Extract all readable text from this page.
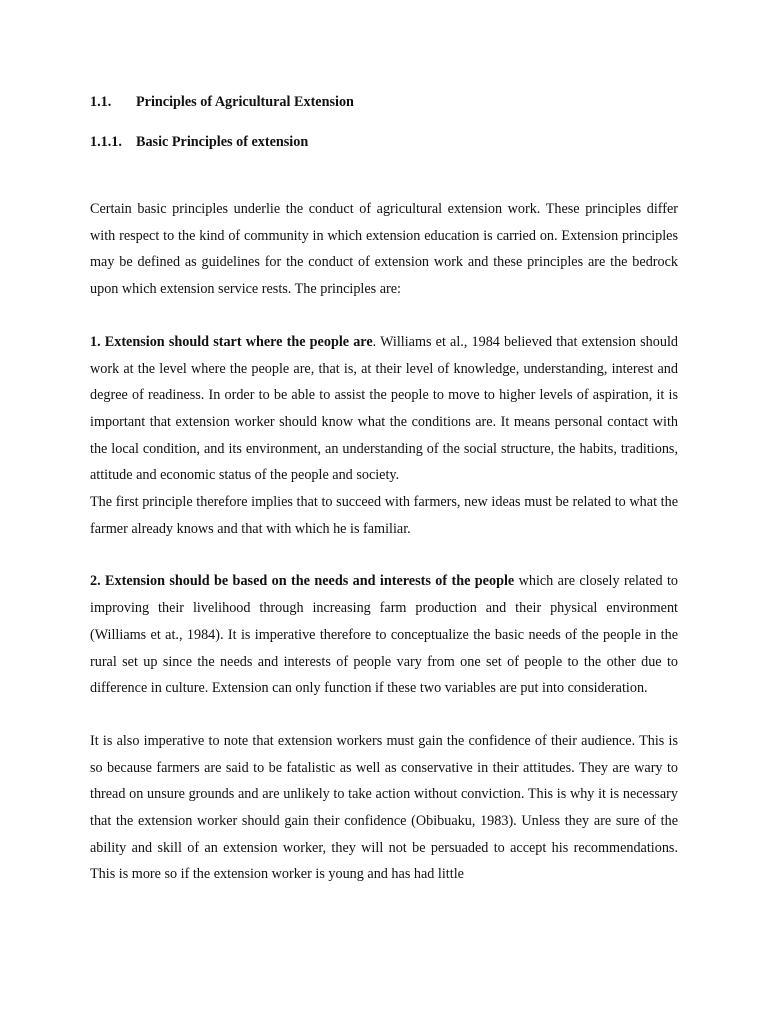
1.1. Principles of Agricultural Extension

1.1.1. Basic Principles of extension

Certain basic principles underlie the conduct of agricultural extension work. These principles differ with respect to the kind of community in which extension education is carried on. Extension principles may be defined as guidelines for the conduct of extension work and these principles are the bedrock upon which extension service rests. The principles are:

1. Extension should start where the people are. Williams et al., 1984 believed that extension should work at the level where the people are, that is, at their level of knowledge, understanding, interest and degree of readiness. In order to be able to assist the people to move to higher levels of aspiration, it is important that extension worker should know what the conditions are. It means personal contact with the local condition, and its environment, an understanding of the social structure, the habits, traditions, attitude and economic status of the people and society.

The first principle therefore implies that to succeed with farmers, new ideas must be related to what the farmer already knows and that with which he is familiar.

2. Extension should be based on the needs and interests of the people which are closely related to improving their livelihood through increasing farm production and their physical environment (Williams et at., 1984). It is imperative therefore to conceptualize the basic needs of the people in the rural set up since the needs and interests of people vary from one set of people to the other due to difference in culture. Extension can only function if these two variables are put into consideration.

It is also imperative to note that extension workers must gain the confidence of their audience. This is so because farmers are said to be fatalistic as well as conservative in their attitudes. They are wary to thread on unsure grounds and are unlikely to take action without conviction. This is why it is necessary that the extension worker should gain their confidence (Obibuaku, 1983). Unless they are sure of the ability and skill of an extension worker, they will not be persuaded to accept his recommendations. This is more so if the extension worker is young and has had little
